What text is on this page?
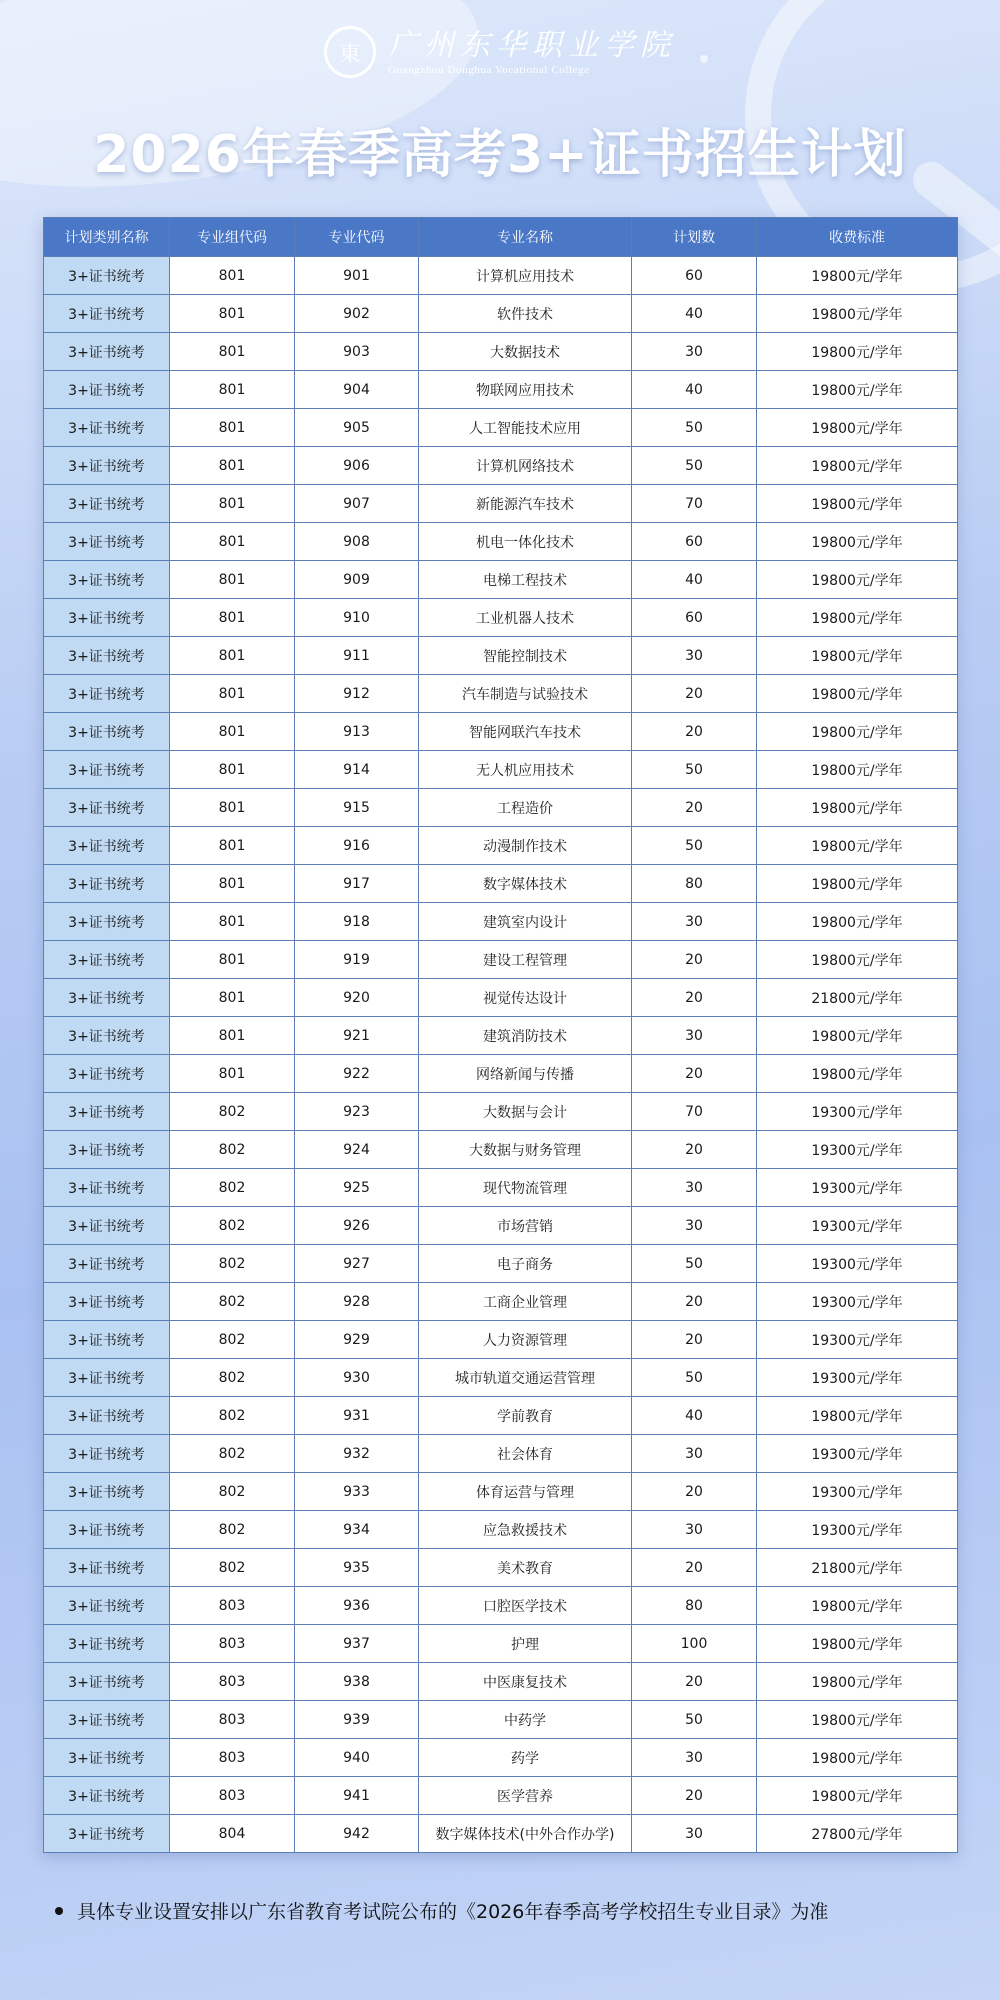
東 广州东华职业学院
Guangzhou Donghua Vocational College
2026年春季高考3+证书招生计划
计划类别名称	专业组代码	专业代码	专业名称	计划数	收费标准
3+证书统考	801	901	计算机应用技术	60	19800元/学年
3+证书统考	801	902	软件技术	40	19800元/学年
3+证书统考	801	903	大数据技术	30	19800元/学年
3+证书统考	801	904	物联网应用技术	40	19800元/学年
3+证书统考	801	905	人工智能技术应用	50	19800元/学年
3+证书统考	801	906	计算机网络技术	50	19800元/学年
3+证书统考	801	907	新能源汽车技术	70	19800元/学年
3+证书统考	801	908	机电一体化技术	60	19800元/学年
3+证书统考	801	909	电梯工程技术	40	19800元/学年
3+证书统考	801	910	工业机器人技术	60	19800元/学年
3+证书统考	801	911	智能控制技术	30	19800元/学年
3+证书统考	801	912	汽车制造与试验技术	20	19800元/学年
3+证书统考	801	913	智能网联汽车技术	20	19800元/学年
3+证书统考	801	914	无人机应用技术	50	19800元/学年
3+证书统考	801	915	工程造价	20	19800元/学年
3+证书统考	801	916	动漫制作技术	50	19800元/学年
3+证书统考	801	917	数字媒体技术	80	19800元/学年
3+证书统考	801	918	建筑室内设计	30	19800元/学年
3+证书统考	801	919	建设工程管理	20	19800元/学年
3+证书统考	801	920	视觉传达设计	20	21800元/学年
3+证书统考	801	921	建筑消防技术	30	19800元/学年
3+证书统考	801	922	网络新闻与传播	20	19800元/学年
3+证书统考	802	923	大数据与会计	70	19300元/学年
3+证书统考	802	924	大数据与财务管理	20	19300元/学年
3+证书统考	802	925	现代物流管理	30	19300元/学年
3+证书统考	802	926	市场营销	30	19300元/学年
3+证书统考	802	927	电子商务	50	19300元/学年
3+证书统考	802	928	工商企业管理	20	19300元/学年
3+证书统考	802	929	人力资源管理	20	19300元/学年
3+证书统考	802	930	城市轨道交通运营管理	50	19300元/学年
3+证书统考	802	931	学前教育	40	19800元/学年
3+证书统考	802	932	社会体育	30	19300元/学年
3+证书统考	802	933	体育运营与管理	20	19300元/学年
3+证书统考	802	934	应急救援技术	30	19300元/学年
3+证书统考	802	935	美术教育	20	21800元/学年
3+证书统考	803	936	口腔医学技术	80	19800元/学年
3+证书统考	803	937	护理	100	19800元/学年
3+证书统考	803	938	中医康复技术	20	19800元/学年
3+证书统考	803	939	中药学	50	19800元/学年
3+证书统考	803	940	药学	30	19800元/学年
3+证书统考	803	941	医学营养	20	19800元/学年
3+证书统考	804	942	数字媒体技术(中外合作办学)	30	27800元/学年
具体专业设置安排以广东省教育考试院公布的《2026年春季高考学校招生专业目录》为准
